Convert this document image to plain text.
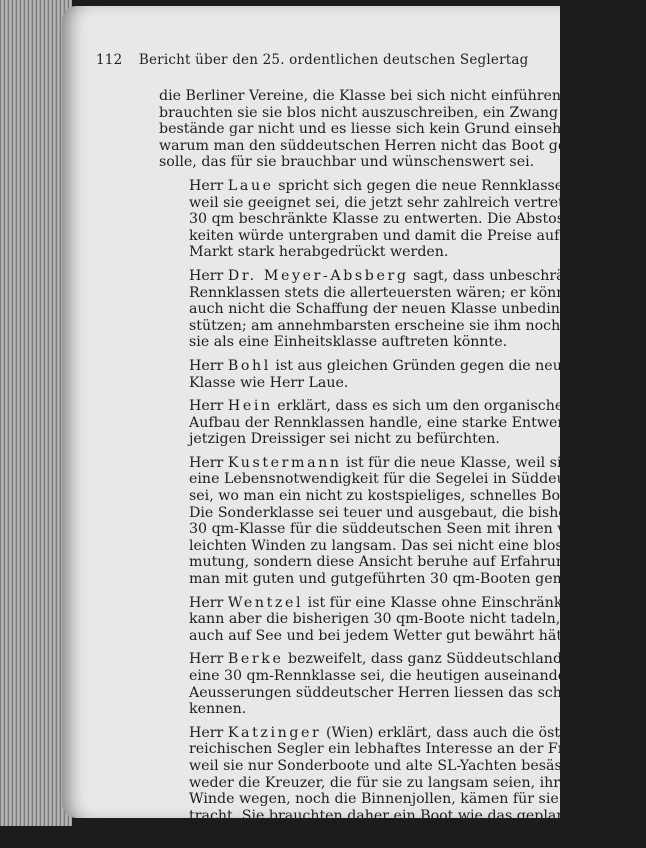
112 Bericht über den 25. ordentlichen deutschen Seglertag

die Berliner Vereine, die Klasse bei sich nicht einführen, so
brauchten sie sie blos nicht auszuschreiben, ein Zwang dazu
bestände gar nicht und es liesse sich kein Grund einsehen,
warum man den süddeutschen Herren nicht das Boot geben
solle, das für sie brauchbar und wünschenswert sei.

Herr Laue spricht sich gegen die neue Rennklasse aus,
weil sie geeignet sei, die jetzt sehr zahlreich vertretene
30 qm beschränkte Klasse zu entwerten. Die Abstoss-Möglich-
keiten würde untergraben und damit die Preise auf dem
Markt stark herabgedrückt werden.

Herr Dr. Meyer-Absberg sagt, dass unbeschränkte
Rennklassen stets die allerteuersten wären; er könne deshalb
auch nicht die Schaffung der neuen Klasse unbedingt unter-
stützen; am annehmbarsten erscheine sie ihm noch, wenn
sie als eine Einheitsklasse auftreten könnte.

Herr Bohl ist aus gleichen Gründen gegen die neue
Klasse wie Herr Laue.

Herr Hein erklärt, dass es sich um den organischen
Aufbau der Rennklassen handle, eine starke Entwertung der
jetzigen Dreissiger sei nicht zu befürchten.

Herr Kustermann ist für die neue Klasse, weil sie
eine Lebensnotwendigkeit für die Segelei in Süddeutschland
sei, wo man ein nicht zu kostspieliges, schnelles Boot brauche.
Die Sonderklasse sei teuer und ausgebaut, die bisherige
30 qm-Klasse für die süddeutschen Seen mit ihren vorwiegend
leichten Winden zu langsam. Das sei nicht eine blosse Ver-
mutung, sondern diese Ansicht beruhe auf Erfahrung, die
man mit guten und gutgeführten 30 qm-Booten gemacht habe.

Herr Wentzel ist für eine Klasse ohne Einschränkung,
kann aber die bisherigen 30 qm-Boote nicht tadeln, die sich
auch auf See und bei jedem Wetter gut bewährt hätten.

Herr Berke bezweifelt, dass ganz Süddeutschland für
eine 30 qm-Rennklasse sei, die heutigen auseinandergehenden
Aeusserungen süddeutscher Herren liessen das schon er-
kennen.

Herr Katzinger (Wien) erklärt, dass auch die öster-
reichischen Segler ein lebhaftes Interesse an der Frage hätten,
weil sie nur Sonderboote und alte SL-Yachten besässen;
weder die Kreuzer, die für sie zu langsam seien, ihrer leichten
Winde wegen, noch die Binnenjollen, kämen für sie in Be-
tracht. Sie brauchten daher ein Boot wie das geplante sehr
nötig, zumal der Preis noch ein erschwinglicher sei.
